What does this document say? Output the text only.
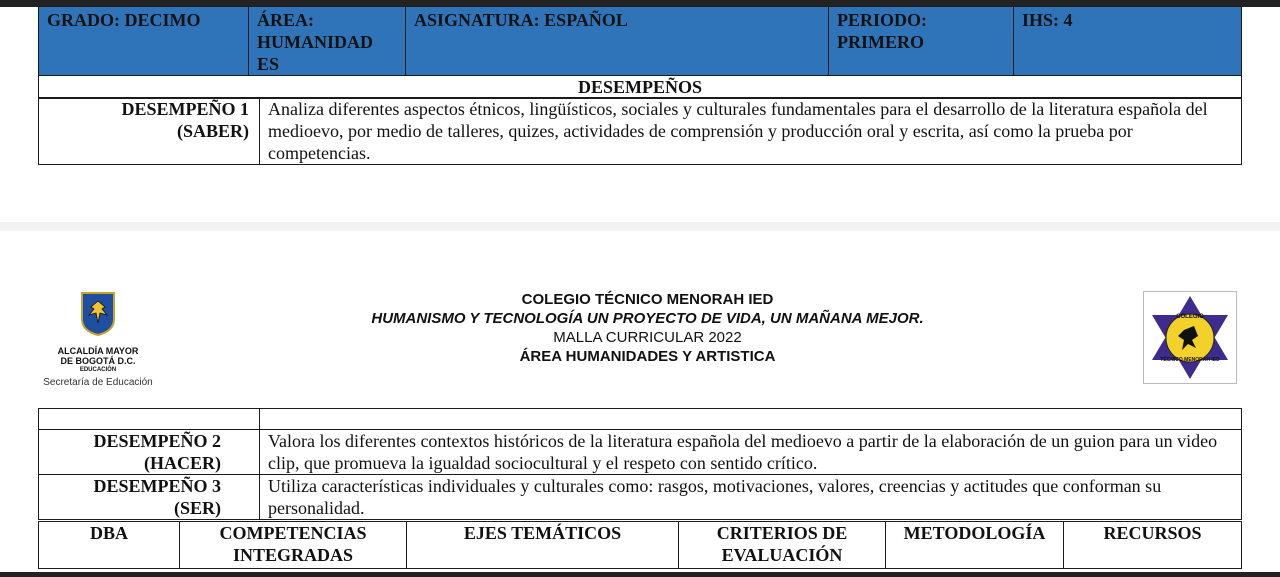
GRADO: DECIMO	ÁREA: HUMANIDAD ES	ASIGNATURA: ESPAÑOL	PERIODO: PRIMERO	IHS: 4
DESEMPEÑOS
DESEMPEÑO 1 (SABER)	Analiza diferentes aspectos étnicos, lingüísticos, sociales y culturales fundamentales para el desarrollo de la literatura española del medioevo, por medio de talleres, quizes, actividades de comprensión y producción oral y escrita, así como la prueba por competencias.
ALCALDÍA MAYOR
DE BOGOTÁ D.C.
EDUCACIÓN
Secretaría de Educación
COLEGIO TÉCNICO MENORAH IED
HUMANISMO Y TECNOLOGÍA UN PROYECTO DE VIDA, UN MAÑANA MEJOR.
MALLA CURRICULAR 2022
ÁREA HUMANIDADES Y ARTISTICA
COLEGIO
TÉCNICO MENORAH IED

DESEMPEÑO 2 (HACER)	Valora los diferentes contextos históricos de la literatura española del medioevo a partir de la elaboración de un guion para un video clip, que promueva la igualdad sociocultural y el respeto con sentido crítico.
DESEMPEÑO 3 (SER)	Utiliza características individuales y culturales como: rasgos, motivaciones, valores, creencias y actitudes que conforman su personalidad.
DBA	COMPETENCIAS INTEGRADAS	EJES TEMÁTICOS	CRITERIOS DE EVALUACIÓN	METODOLOGÍA	RECURSOS
